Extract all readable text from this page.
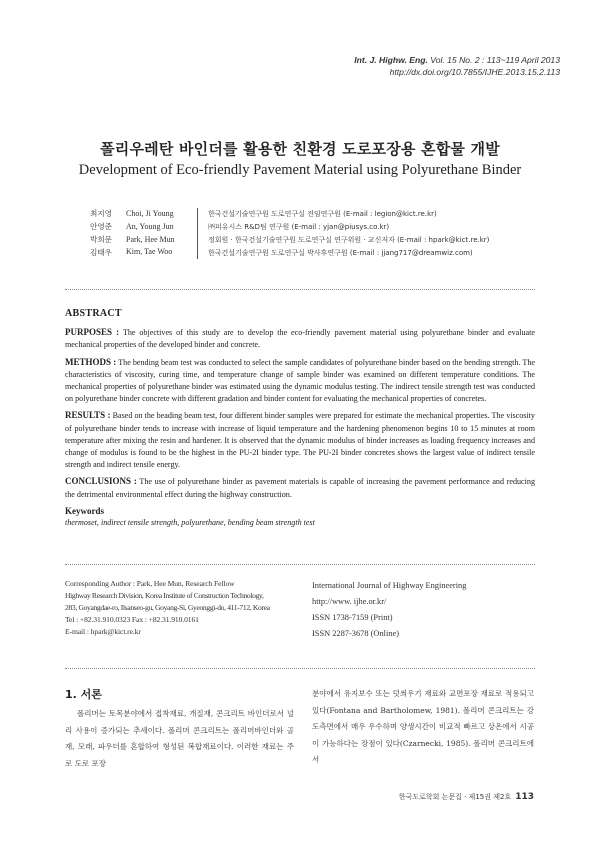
Int. J. Highw. Eng. Vol. 15 No. 2 : 113~119 April 2013
http://dx.doi.org/10.7855/IJHE.2013.15.2.113
폴리우레탄 바인더를 활용한 친환경 도로포장용 혼합물 개발
Development of Eco-friendly Pavement Material using Polyurethane Binder
최지영	Choi, Ji Young	한국건설기술연구원 도로연구실 전임연구원 (E-mail : legion@kict.re.kr)
안영준	An, Young Jun	㈜피유시스 R&D팀 연구원 (E-mail : yjan@piusys.co.kr)
박희문	Park, Hee Mun	정회원 · 한국건설기술연구원 도로연구실 연구위원 · 교신저자 (E-mail : hpark@kict.re.kr)
김태우	Kim, Tae Woo	한국건설기술연구원 도로연구실 박사후연구원 (E-mail : jjang717@dreamwiz.com)
ABSTRACT
PURPOSES : The objectives of this study are to develop the eco-friendly pavement material using polyurethane binder and evaluate mechanical properties of the developed binder and concrete.
METHODS : The bending beam test was conducted to select the sample candidates of polyurethane binder based on the bending strength. The characteristics of viscosity, curing time, and temperature change of sample binder was examined on different temperature conditions. The mechanical properties of polyurethane binder was estimated using the dynamic modulus testing. The indirect tensile strength test was conducted on polyurethane binder concrete with different gradation and binder content for evaluating the mechanical properties of concretes.
RESULTS : Based on the beading beam test, four different binder samples were prepared for estimate the mechanical properties. The viscosity of polyurethane binder tends to increase with increase of liquid temperature and the hardening phenomenon begins 10 to 15 minutes at room temperature after mixing the resin and hardener. It is observed that the dynamic modulus of binder increases as loading frequency increases and change of modulus is found to be the highest in the PU-2I binder type. The PU-2I binder concretes shows the largest value of indirect tensile strength and indirect tensile energy.
CONCLUSIONS : The use of polyurethane binder as pavement materials is capable of increasing the pavement performance and reducing the detrimental environmental effect during the highway construction.
Keywords
thermoset, indirect tensile strength, polyurethane, bending beam strength test
Corresponding Author : Park, Hee Mun, Research Fellow
Highway Research Division, Korea Institute of Construction Technology,
283, Goyangdae-ro, Ilsanseo-gu, Goyang-Si, Gyeonggi-do, 411-712, Korea
Tel : +82.31.910.0323 Fax : +82.31.910.0161
E-mail : hpark@kict.re.kr
International Journal of Highway Engineering
http://www. ijhe.or.kr/
ISSN 1738-7159 (Print)
ISSN 2287-3678 (Online)
1. 서론
폴리머는 토목분야에서 접착재료, 개질재, 콘크리트 바인더로서 널리 사용이 증가되는 추세이다. 폴리머 콘크리트는 폴리머바인더와 골재, 모래, 파우더를 혼합하여 형성된 복합재료이다. 이러한 재료는 주로 도로 포장
분야에서 유지보수 또는 덧씌우기 재료와 교면포장 재료로 적용되고 있다(Fontana and Bartholomew, 1981). 폴리머 콘크리트는 강도측면에서 매우 우수하며 양생시간이 비교적 빠르고 상온에서 시공이 가능하다는 장점이 있다(Czarnecki, 1985). 폴리머 콘크리트에서
한국도로학회 논문집 · 제15권 제2호 113
